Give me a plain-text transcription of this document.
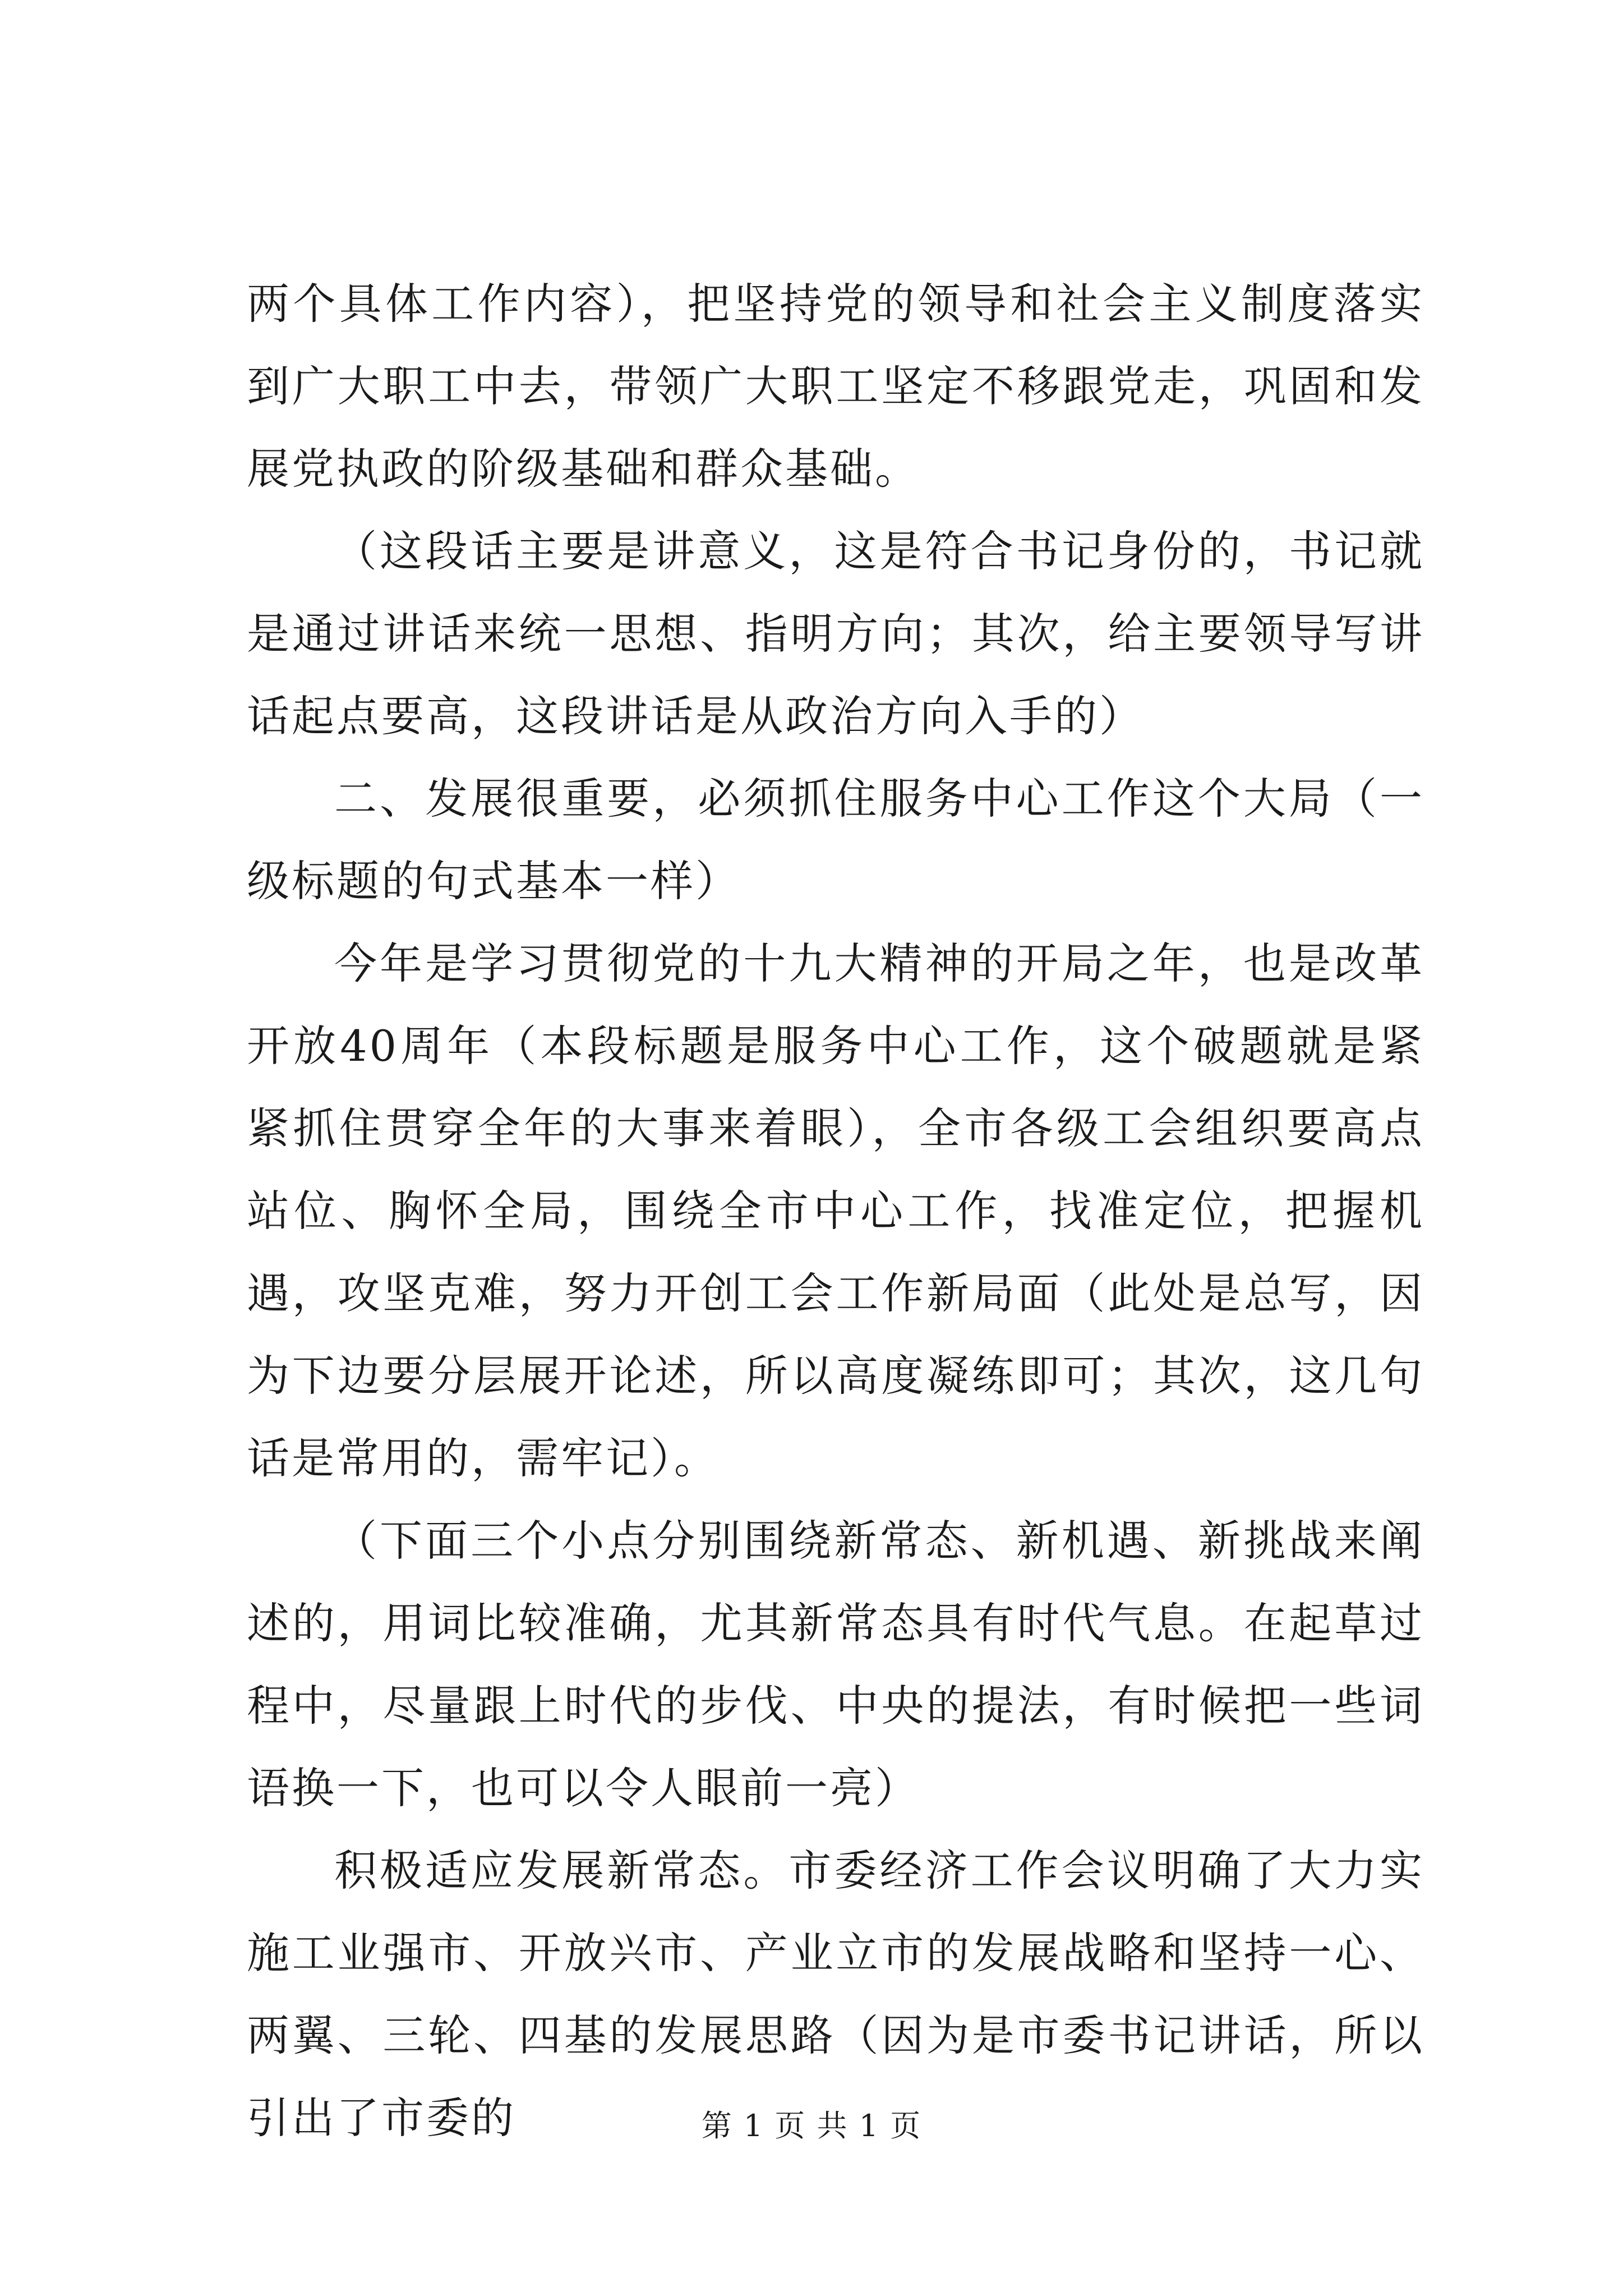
两个具体工作内容），把坚持党的领导和社会主义制度落实到广大职工中去，带领广大职工坚定不移跟党走，巩固和发展党执政的阶级基础和群众基础。

（这段话主要是讲意义，这是符合书记身份的，书记就是通过讲话来统一思想、指明方向；其次，给主要领导写讲话起点要高，这段讲话是从政治方向入手的）

二、发展很重要，必须抓住服务中心工作这个大局（一级标题的句式基本一样）

今年是学习贯彻党的十九大精神的开局之年，也是改革开放40周年（本段标题是服务中心工作，这个破题就是紧紧抓住贯穿全年的大事来着眼），全市各级工会组织要高点站位、胸怀全局，围绕全市中心工作，找准定位，把握机遇，攻坚克难，努力开创工会工作新局面（此处是总写，因为下边要分层展开论述，所以高度凝练即可；其次，这几句话是常用的，需牢记）。

（下面三个小点分别围绕新常态、新机遇、新挑战来阐述的，用词比较准确，尤其新常态具有时代气息。在起草过程中，尽量跟上时代的步伐、中央的提法，有时候把一些词语换一下，也可以令人眼前一亮）

积极适应发展新常态。市委经济工作会议明确了大力实施工业强市、开放兴市、产业立市的发展战略和坚持一心、两翼、三轮、四基的发展思路（因为是市委书记讲话，所以引出了市委的	第 1 页 共 1 页
